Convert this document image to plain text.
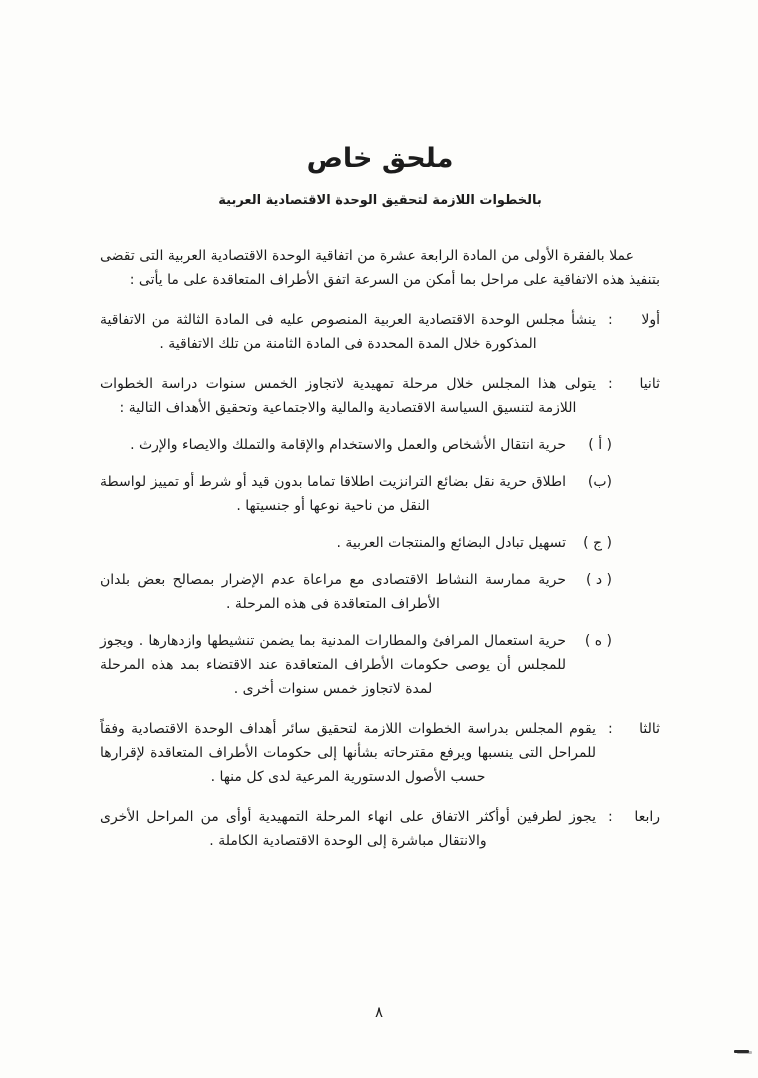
ملحق خاص
بالخطوات اللازمة لتحقيق الوحدة الاقتصادية العربية

عملا بالفقرة الأولى من المادة الرابعة عشرة من اتفاقية الوحدة الاقتصادية العربية التى تقضى بتنفيذ هذه الاتفاقية على مراحل بما أمكن من السرعة اتفق الأطراف المتعاقدة على ما يأتى :

أولا
:
ينشأ مجلس الوحدة الاقتصادية العربية المنصوص عليه فى المادة الثالثة من الاتفاقية المذكورة خلال المدة المحددة فى المادة الثامنة من تلك الاتفاقية .
ثانيا
:
يتولى هذا المجلس خلال مرحلة تمهيدية لاتجاوز الخمس سنوات دراسة الخطوات اللازمة لتنسيق السياسة الاقتصادية والمالية والاجتماعية وتحقيق الأهداف التالية :
( أ )
حرية انتقال الأشخاص والعمل والاستخدام والإقامة والتملك والايصاء والإرث .
(ب)
اطلاق حرية نقل بضائع الترانزيت اطلاقا تماما بدون قيد أو شرط أو تمييز لواسطة النقل من ناحية نوعها أو جنسيتها .
( ج )
تسهيل تبادل البضائع والمنتجات العربية .
( د )
حرية ممارسة النشاط الاقتصادى مع مراعاة عدم الإضرار بمصالح بعض بلدان الأطراف المتعاقدة فى هذه المرحلة .
( ه )
حرية استعمال المرافئ والمطارات المدنية بما يضمن تنشيطها وازدهارها . ويجوز للمجلس أن يوصى حكومات الأطراف المتعاقدة عند الاقتضاء بمد هذه المرحلة لمدة لاتجاوز خمس سنوات أخرى .
ثالثا
:
يقوم المجلس بدراسة الخطوات اللازمة لتحقيق سائر أهداف الوحدة الاقتصادية وفقاً للمراحل التى ينسبها ويرفع مقترحاته بشأنها إلى حكومات الأطراف المتعاقدة لإقرارها حسب الأصول الدستورية المرعية لدى كل منها .
رابعا
:
يجوز لطرفين أوأكثر الاتفاق على انهاء المرحلة التمهيدية أوأى من المراحل الأخرى والانتقال مباشرة إلى الوحدة الاقتصادية الكاملة .
٨
